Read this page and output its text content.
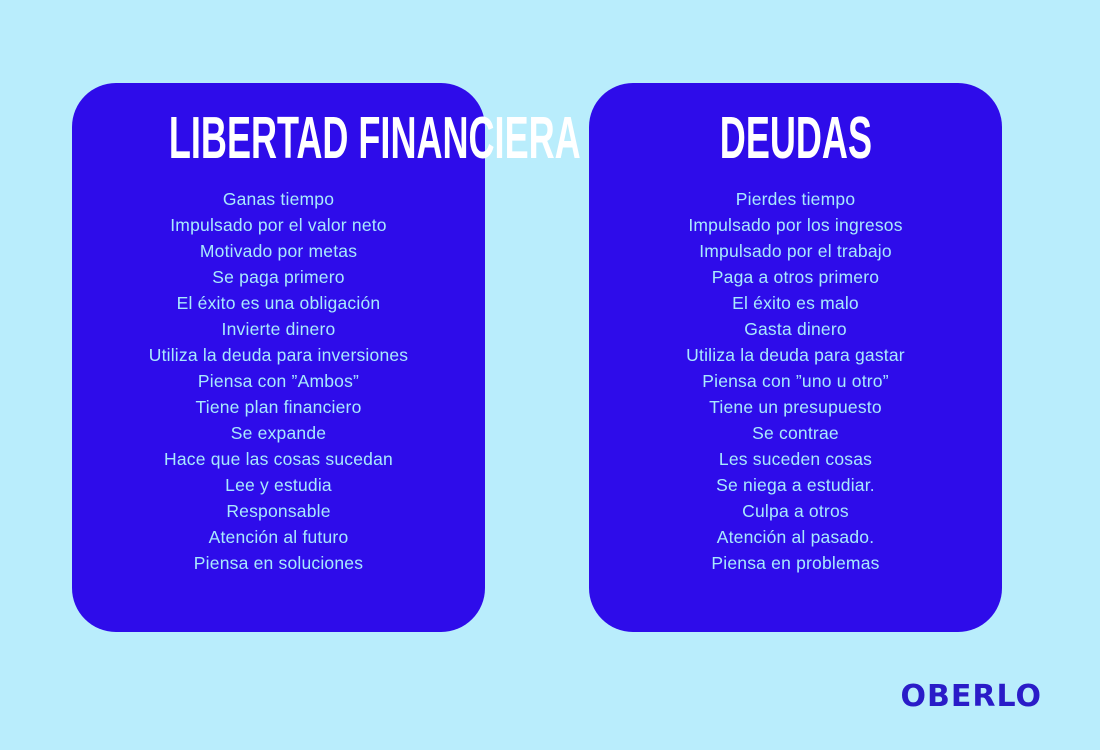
LIBERTAD FINANCIERA
Ganas tiempo
Impulsado por el valor neto
Motivado por metas
Se paga primero
El éxito es una obligación
Invierte dinero
Utiliza la deuda para inversiones
Piensa con ”Ambos”
Tiene plan financiero
Se expande
Hace que las cosas sucedan
Lee y estudia
Responsable
Atención al futuro
Piensa en soluciones
DEUDAS
Pierdes tiempo
Impulsado por los ingresos
Impulsado por el trabajo
Paga a otros primero
El éxito es malo
Gasta dinero
Utiliza la deuda para gastar
Piensa con ”uno u otro”
Tiene un presupuesto
Se contrae
Les suceden cosas
Se niega a estudiar.
Culpa a otros
Atención al pasado.
Piensa en problemas
OBERLO
